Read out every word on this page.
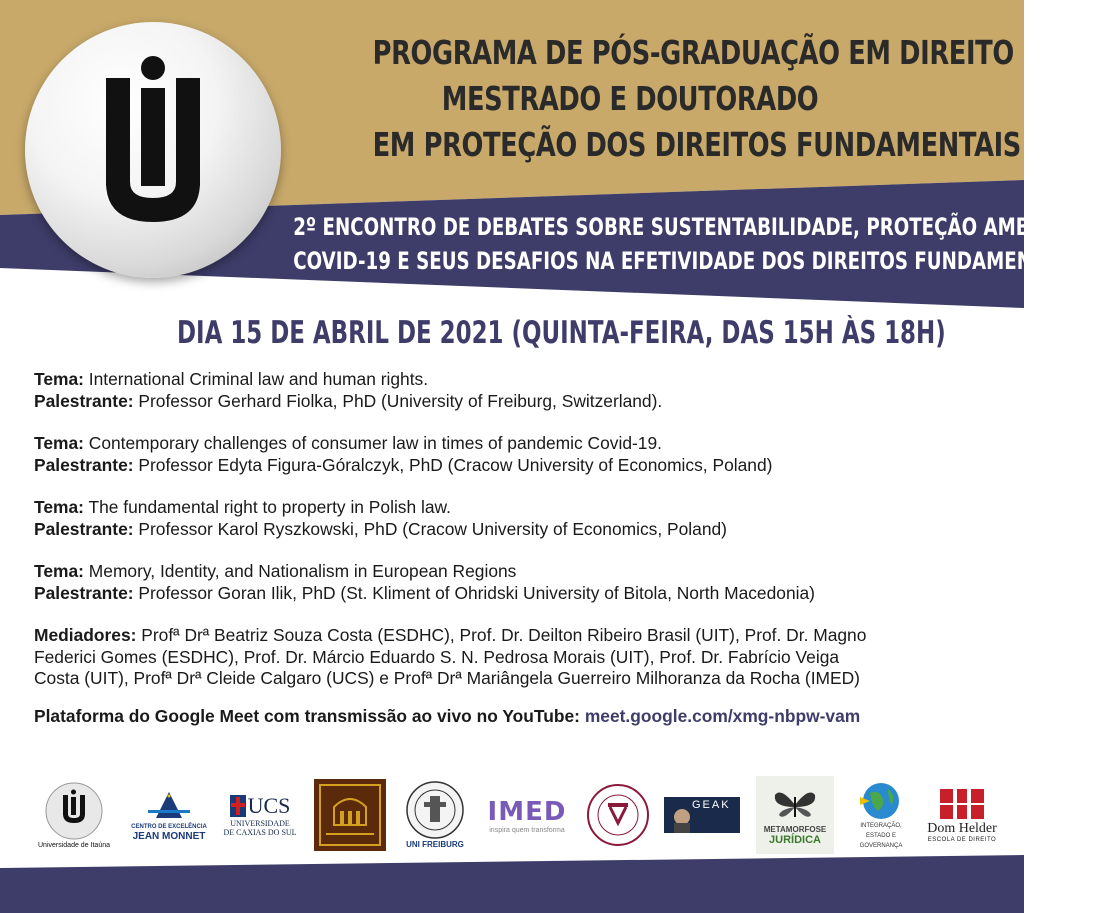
PROGRAMA DE PÓS-GRADUAÇÃO EM DIREITO
MESTRADO E DOUTORADO
EM PROTEÇÃO DOS DIREITOS FUNDAMENTAIS
2º ENCONTRO DE DEBATES SOBRE SUSTENTABILIDADE, PROTEÇÃO AMBIENTAL,
COVID-19 E SEUS DESAFIOS NA EFETIVIDADE DOS DIREITOS FUNDAMENTAIS
DIA 15 DE ABRIL DE 2021 (QUINTA-FEIRA, DAS 15H ÀS 18H)

Tema: International Criminal law and human rights.

Palestrante: Professor Gerhard Fiolka, PhD (University of Freiburg, Switzerland).

Tema: Contemporary challenges of consumer law in times of pandemic Covid-19.

Palestrante: Professor Edyta Figura-Góralczyk, PhD (Cracow University of Economics, Poland)

Tema: The fundamental right to property in Polish law.

Palestrante: Professor Karol Ryszkowski, PhD (Cracow University of Economics, Poland)

Tema: Memory, Identity, and Nationalism in European Regions

Palestrante: Professor Goran Ilik, PhD (St. Kliment of Ohridski University of Bitola, North Macedonia)

Mediadores: Profª Drª Beatriz Souza Costa (ESDHC), Prof. Dr. Deilton Ribeiro Brasil (UIT), Prof. Dr. Magno
Federici Gomes (ESDHC), Prof. Dr. Márcio Eduardo S. N. Pedrosa Morais (UIT), Prof. Dr. Fabrício Veiga
Costa (UIT), Profª Drª Cleide Calgaro (UCS) e Profª Drª Mariângela Guerreiro Milhoranza da Rocha (IMED)

Plataforma do Google Meet com transmissão ao vivo no YouTube: meet.google.com/xmg-nbpw-vam

Universidade de Itaúna
CENTRO DE EXCELÊNCIA
JEAN MONNET
UCS
UNIVERSIDADE
DE CAXIAS DO SUL
UNI FREIBURG
IMED
inspira quem transforma
GEAK
METAMORFOSE
JURÍDICA
INTEGRAÇÃO,
ESTADO E
GOVERNANÇA
Dom Helder
ESCOLA DE DIREITO
